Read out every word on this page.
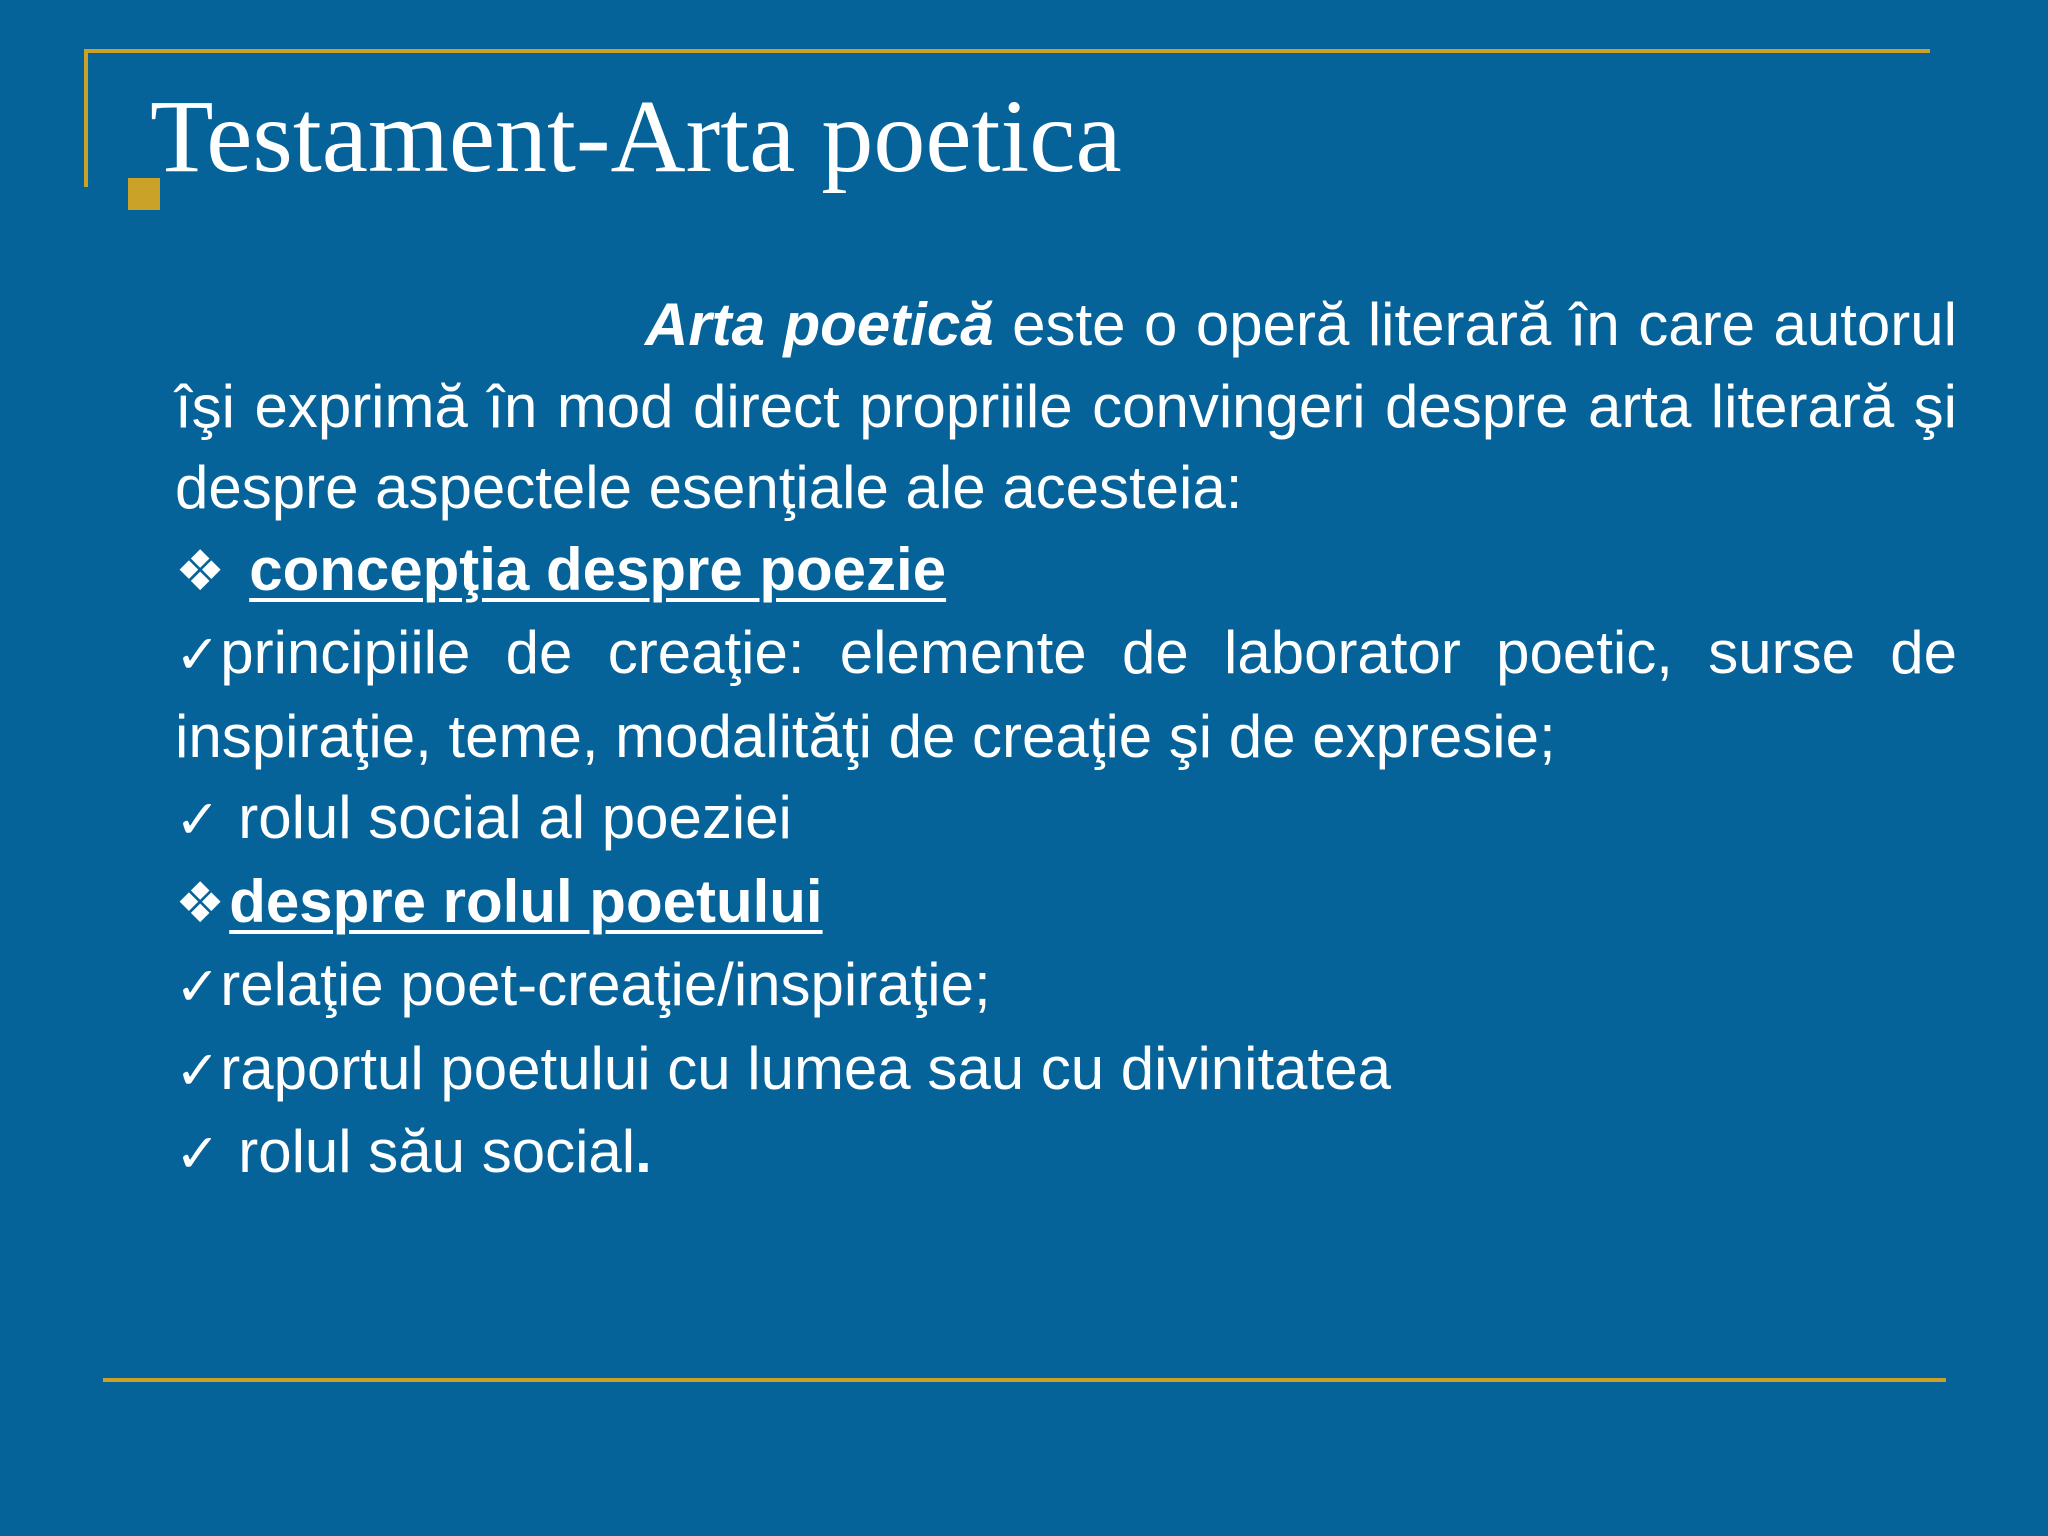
Testament-Arta poetica
Arta poetică este o operă literară în care autorul îşi exprimă în mod direct propriile convingeri despre arta literară şi despre aspectele esenţiale ale acesteia:
❖ concepţia despre poezie
✓principiile de creaţie: elemente de laborator poetic, surse de inspiraţie, teme, modalităţi de creaţie şi de expresie;
✓ rolul social al poeziei
❖despre rolul poetului
✓relaţie poet-creaţie/inspiraţie;
✓raportul poetului cu lumea sau cu divinitatea
✓ rolul său social.
